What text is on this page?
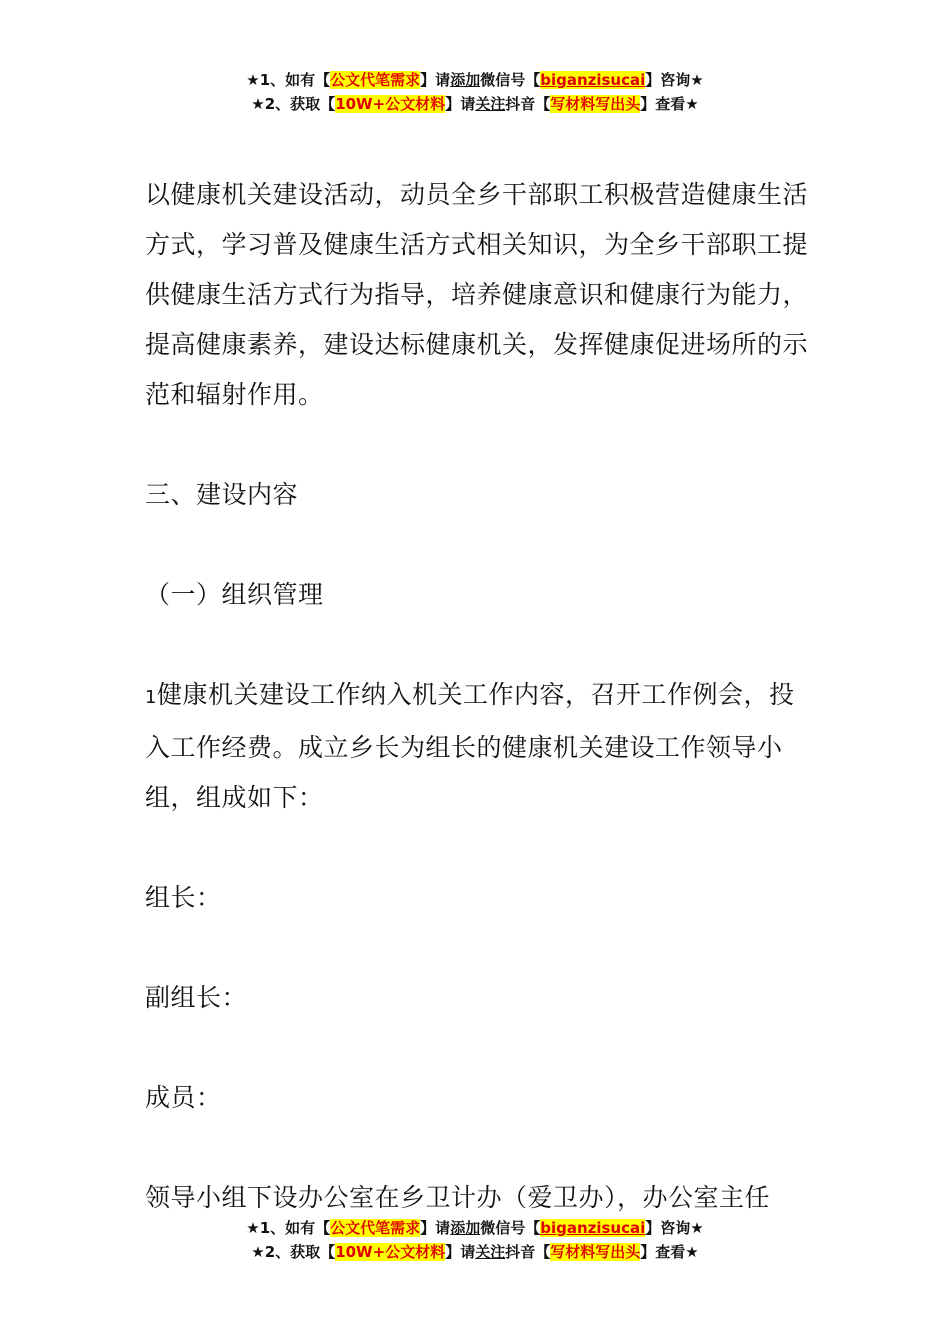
★1、如有【公文代笔需求】请添加微信号【biganzisucai】咨询★
★2、获取【10W+公文材料】请关注抖音【写材料写出头】查看★

以健康机关建设活动，动员全乡干部职工积极营造健康生活方式，学习普及健康生活方式相关知识，为全乡干部职工提供健康生活方式行为指导，培养健康意识和健康行为能力，提高健康素养，建设达标健康机关，发挥健康促进场所的示范和辐射作用。

三、建设内容

（一）组织管理

1健康机关建设工作纳入机关工作内容，召开工作例会，投入工作经费。成立乡长为组长的健康机关建设工作领导小组，组成如下：

组长：

副组长：

成员：

领导小组下设办公室在乡卫计办（爱卫办），办公室主任

★1、如有【公文代笔需求】请添加微信号【biganzisucai】咨询★
★2、获取【10W+公文材料】请关注抖音【写材料写出头】查看★
